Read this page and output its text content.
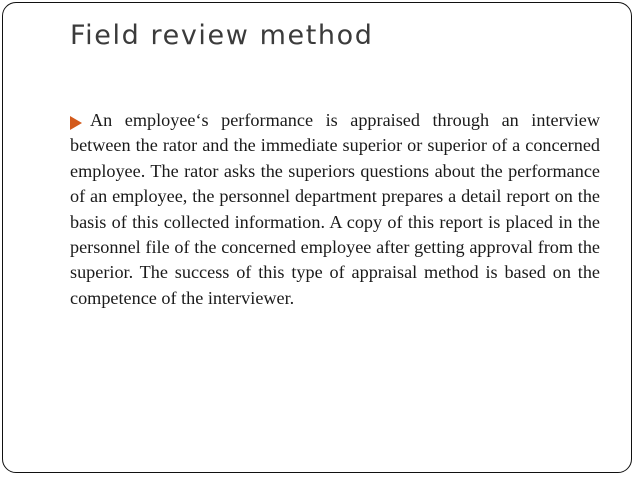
Field review method

An employee‘s performance is appraised through an interview between the rator and the immediate superior or superior of a concerned employee. The rator asks the superiors questions about the performance of an employee, the personnel department prepares a detail report on the basis of this collected information. A copy of this report is placed in the personnel file of the concerned employee after getting approval from the superior. The success of this type of appraisal method is based on the competence of the interviewer.
